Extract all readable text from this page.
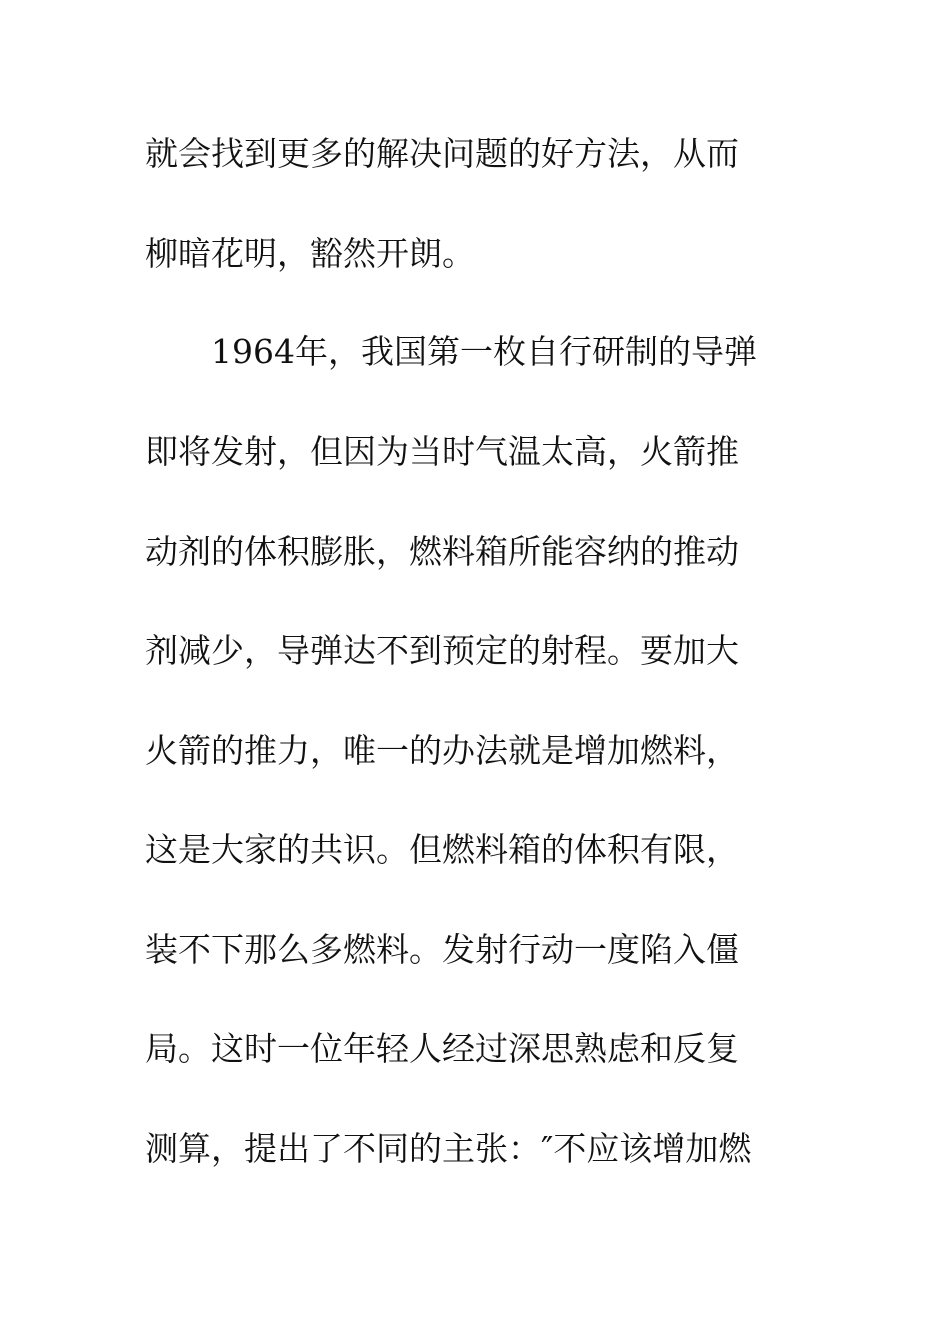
就会找到更多的解决问题的好方法，从而
柳暗花明，豁然开朗。
　　1964年，我国第一枚自行研制的导弹
即将发射，但因为当时气温太高，火箭推
动剂的体积膨胀，燃料箱所能容纳的推动
剂减少，导弹达不到预定的射程。要加大
火箭的推力，唯一的办法就是增加燃料，
这是大家的共识。但燃料箱的体积有限，
装不下那么多燃料。发射行动一度陷入僵
局。这时一位年轻人经过深思熟虑和反复
测算，提出了不同的主张：″不应该增加燃
